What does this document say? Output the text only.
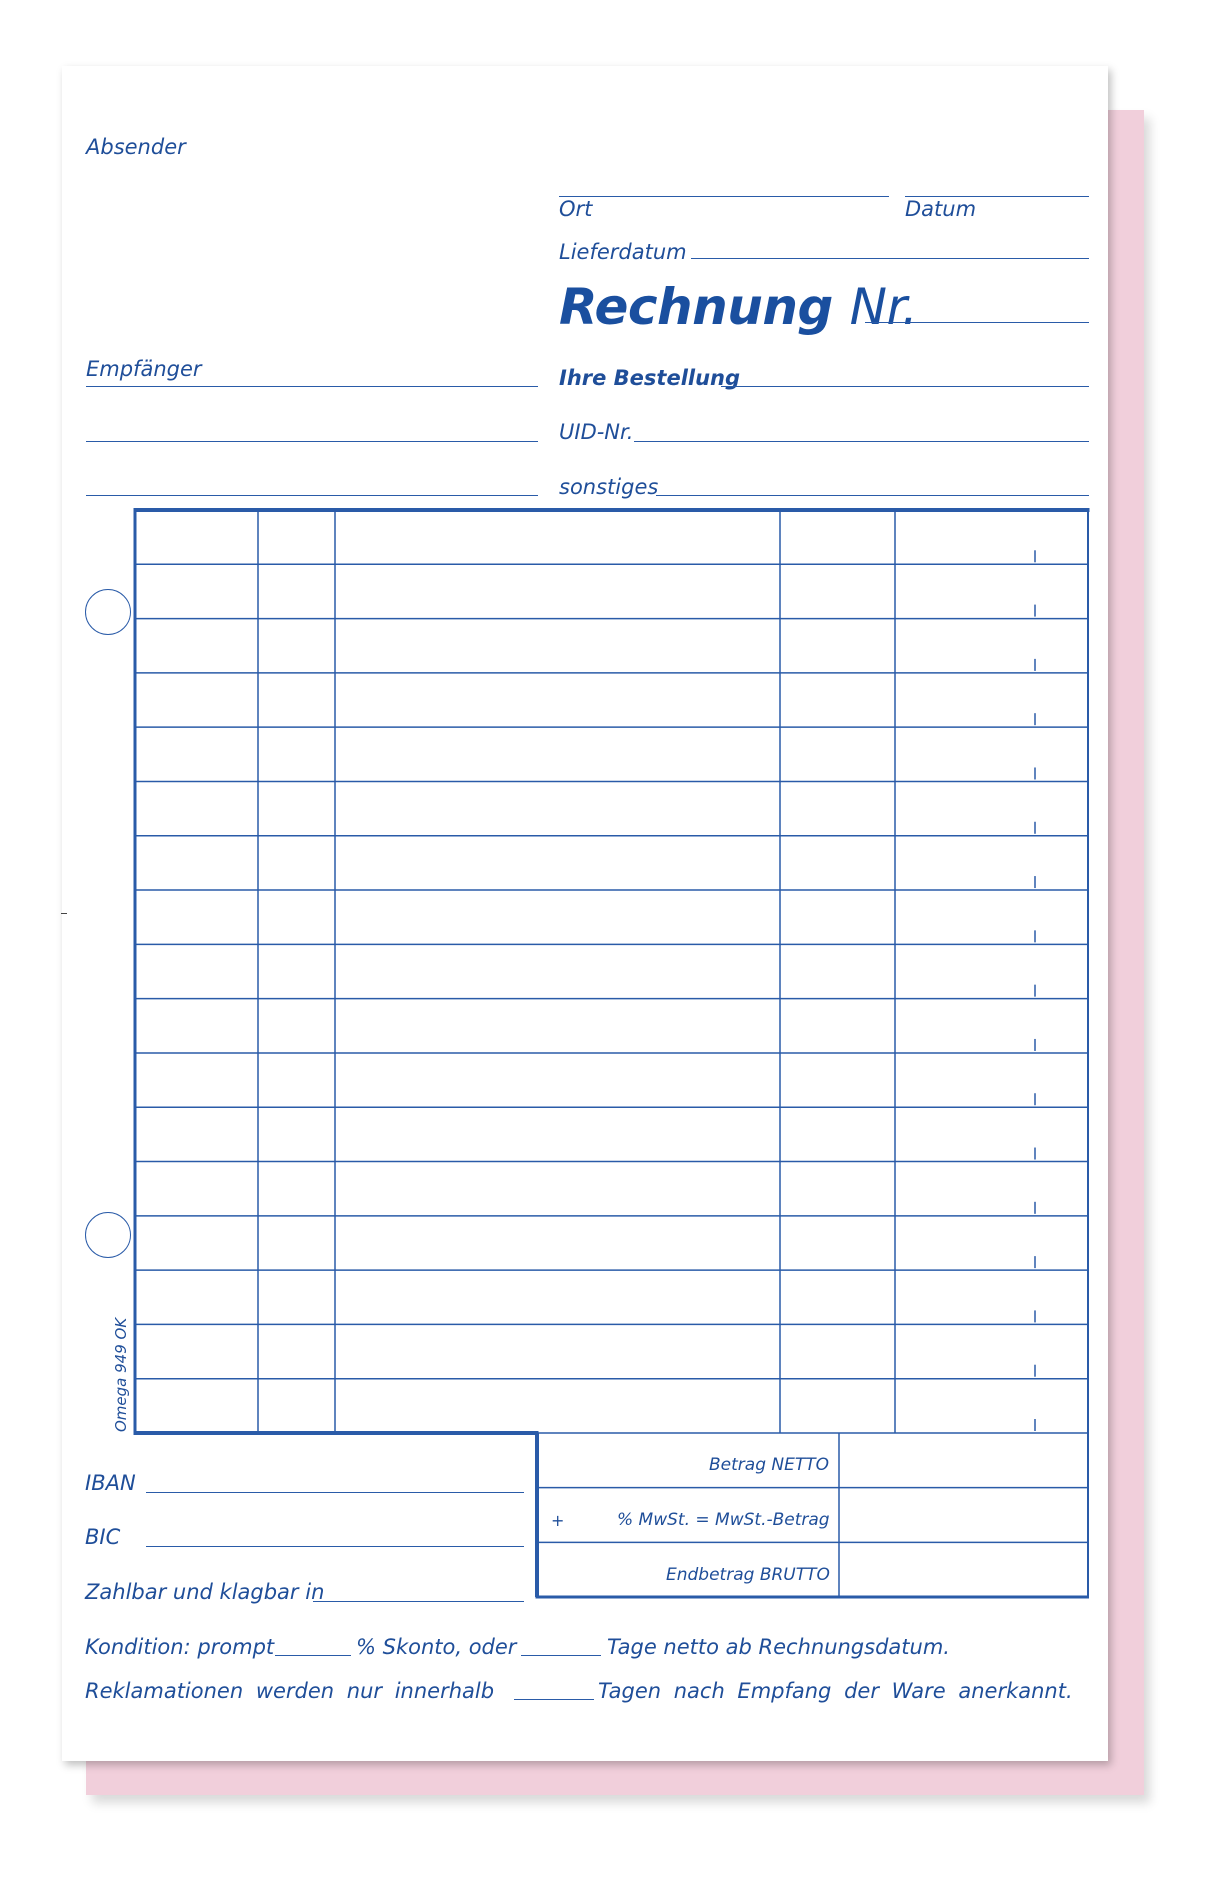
Absender
Ort	Datum
Lieferdatum
Rechnung Nr.
Empfänger	Ihre Bestellung
UID-Nr.
sonstiges
Omega 949 OK
IBAN
BIC
Zahlbar und klagbar in
Betrag NETTO
+	% MwSt. = MwSt.-Betrag
Endbetrag BRUTTO
Kondition: prompt	% Skonto, oder	Tage netto ab Rechnungsdatum.
Reklamationen werden nur innerhalb	Tagen nach Empfang der Ware anerkannt.
